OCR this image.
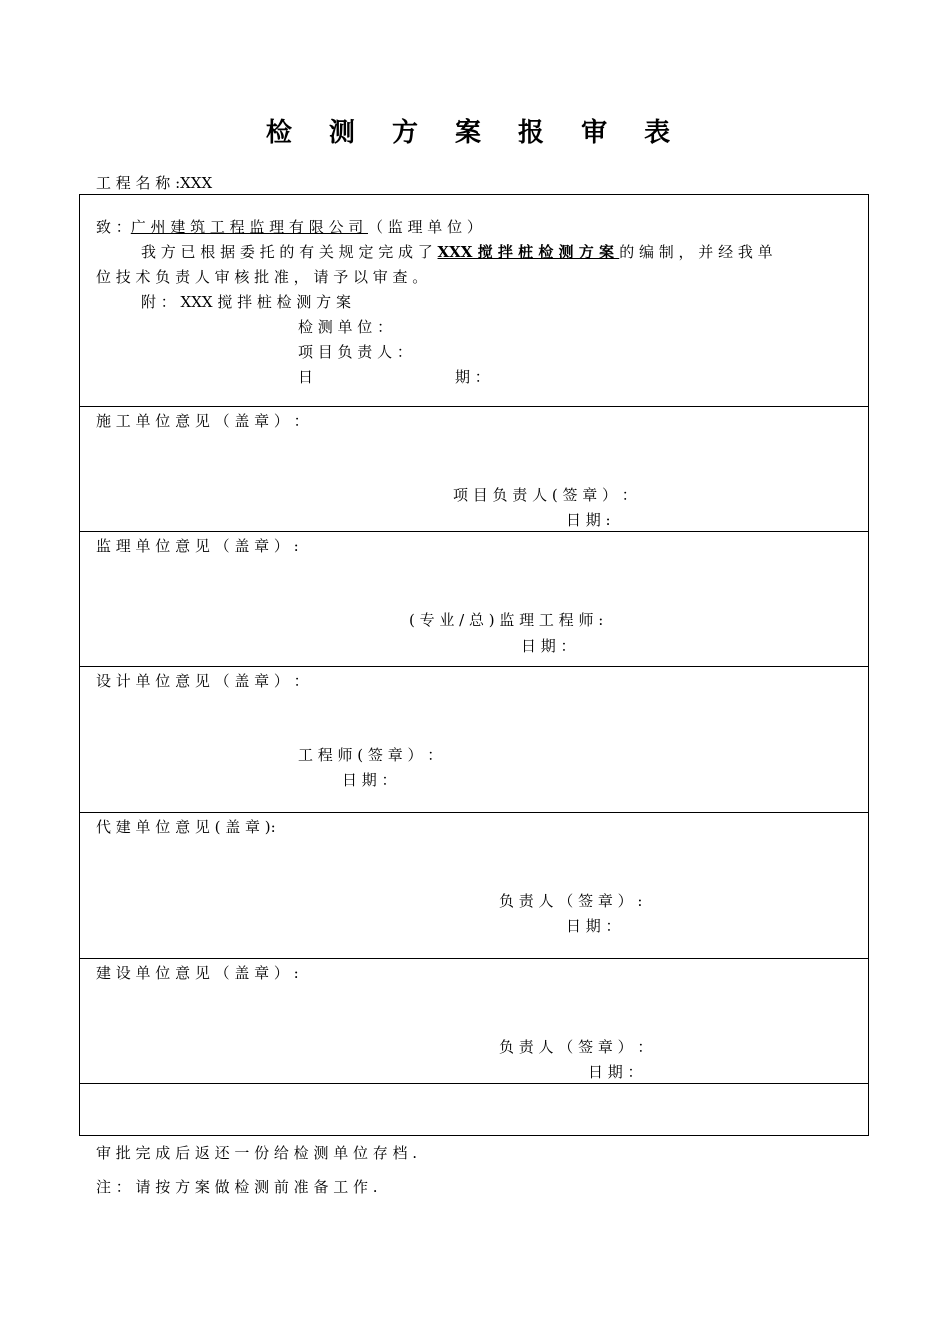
检 测 方 案 报 审 表
工 程 名 称 :XXX
致 ：广 州 建 筑 工 程 监 理 有 限 公 司 （ 监 理 单 位 ）
我 方 已 根 据 委 托 的 有 关 规 定 完 成 了 XXX 搅 拌 桩 检 测 方 案 的 编 制 ， 并 经 我 单
位 技 术 负 责 人 审 核 批 准 ， 请 予 以 审 查 。
附 ： XXX 搅 拌 桩 检 测 方 案
检 测 单 位 ：
项 目 负 责 人 ：
日	期 ：
施 工 单 位 意 见 （ 盖 章 ） ：
项 目 负 责 人 ( 签 章 ） ：
日 期 :
监 理 单 位 意 见 （ 盖 章 ） :
( 专 业 / 总 ) 监 理 工 程 师 :
日 期 ：
设 计 单 位 意 见 （ 盖 章 ） ：
工 程 师 ( 签 章 ） ：
日 期 ：
代 建 单 位 意 见 ( 盖 章 ):
负 责 人 （ 签 章 ） :
日 期 ：
建 设 单 位 意 见 （ 盖 章 ） :
负 责 人 （ 签 章 ） ：
日 期 ：
审 批 完 成 后 返 还 一 份 给 检 测 单 位 存 档 .
注 ： 请 按 方 案 做 检 测 前 准 备 工 作 .
